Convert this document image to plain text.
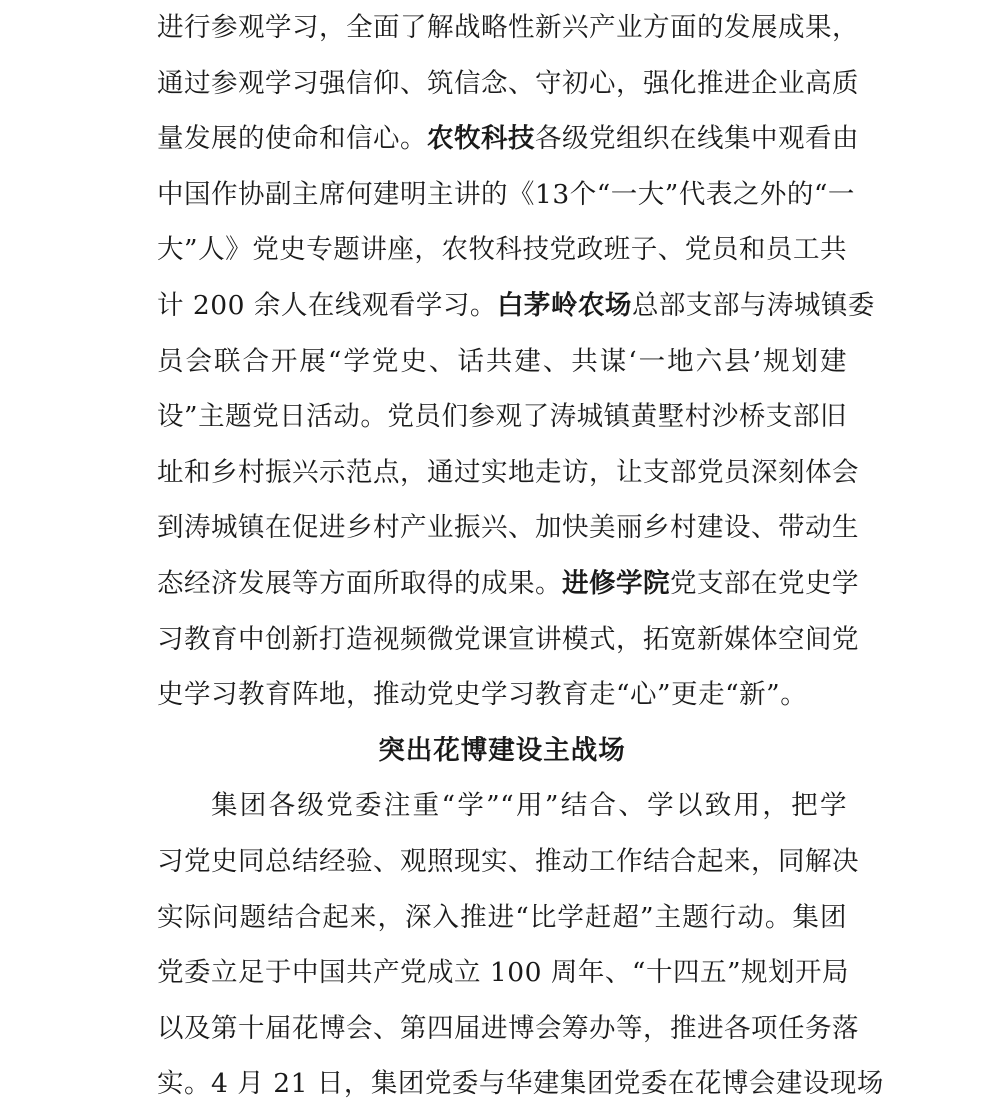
进行参观学习，全面了解战略性新兴产业方面的发展成果，
通过参观学习强信仰、筑信念、守初心，强化推进企业高质
量发展的使命和信心。农牧科技各级党组织在线集中观看由
中国作协副主席何建明主讲的《13个“一大”代表之外的“一
大”人》党史专题讲座，农牧科技党政班子、党员和员工共
计 200 余人在线观看学习。白茅岭农场总部支部与涛城镇委
员会联合开展“学党史、话共建、共谋‘一地六县’规划建
设”主题党日活动。党员们参观了涛城镇黄墅村沙桥支部旧
址和乡村振兴示范点，通过实地走访，让支部党员深刻体会
到涛城镇在促进乡村产业振兴、加快美丽乡村建设、带动生
态经济发展等方面所取得的成果。进修学院党支部在党史学
习教育中创新打造视频微党课宣讲模式，拓宽新媒体空间党
史学习教育阵地，推动党史学习教育走“心”更走“新”。
突出花博建设主战场
集团各级党委注重“学”“用”结合、学以致用，把学
习党史同总结经验、观照现实、推动工作结合起来，同解决
实际问题结合起来，深入推进“比学赶超”主题行动。集团
党委立足于中国共产党成立 100 周年、“十四五”规划开局
以及第十届花博会、第四届进博会筹办等，推进各项任务落
实。4 月 21 日，集团党委与华建集团党委在花博会建设现场
